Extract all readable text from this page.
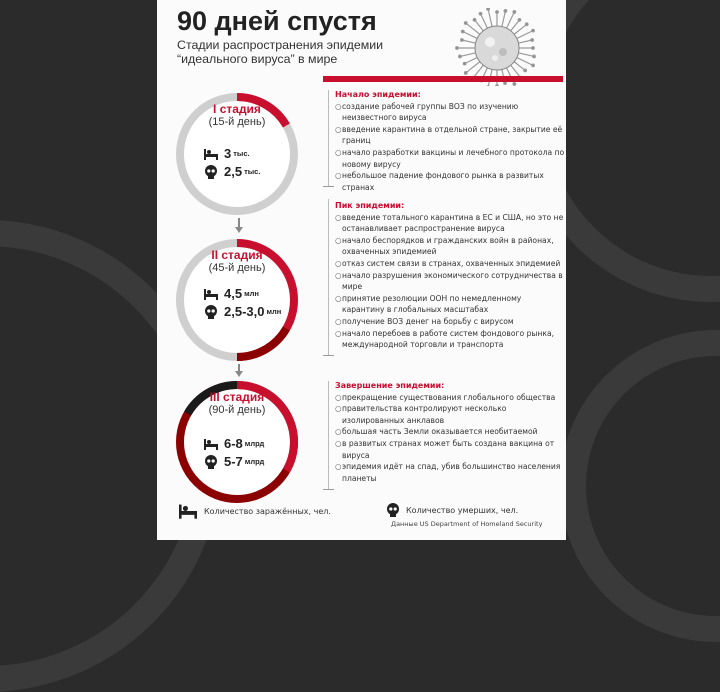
90 дней спустя
Стадии распространения эпидемии
“идеального вируса” в мире
I стадия
(15-й день)
3 тыс.
2,5 тыс.
II стадия
(45-й день)
4,5 млн
2,5-3,0 млн
III стадия
(90-й день)
6-8 млрд
5-7 млрд
Начало эпидемии:
○ создание рабочей группы ВОЗ по изучению неизвестного вируса
○ введение карантина в отдельной стране, закрытие её границ
○ начало разработки вакцины и лечебного протокола по новому вирусу
○ небольшое падение фондового рынка в развитых странах
Пик эпидемии:
○ введение тотального карантина в ЕС и США, но это не останавливает распространение вируса
○ начало беспорядков и гражданских войн в районах, охваченных эпидемией
○ отказ систем связи в странах, охваченных эпидемией
○ начало разрушения экономического сотрудничества в мире
○ принятие резолюции ООН по немедленному карантину в глобальных масштабах
○ получение ВОЗ денег на борьбу с вирусом
○ начало перебоев в работе систем фондового рынка, международной торговли и транспорта
Завершение эпидемии:
○ прекращение существования глобального общества
○ правительства контролируют несколько изолированных анклавов
○ большая часть Земли оказывается необитаемой
○ в развитых странах может быть создана вакцина от вируса
○ эпидемия идёт на спад, убив большинство населения планеты
Количество заражённых, чел.	Количество умерших, чел.
Данные US Department of Homeland Security
